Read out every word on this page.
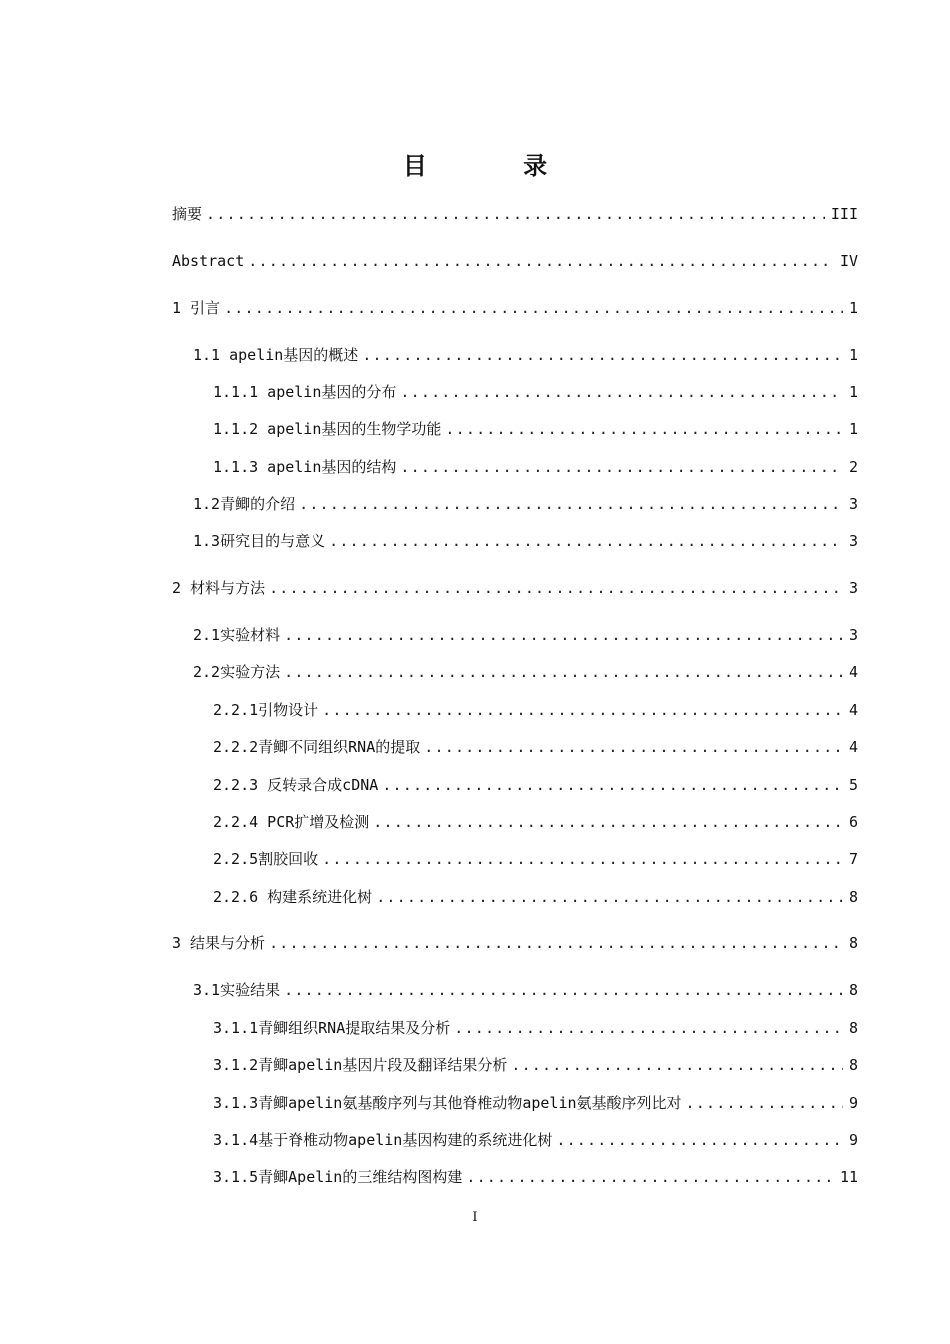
目 录
摘要 .....	III
Abstract .....	IV
1 引言 .....	1
1.1 apelin基因的概述 .....	1
1.1.1 apelin基因的分布 .....	1
1.1.2 apelin基因的生物学功能 .....	1
1.1.3 apelin基因的结构 .....	2
1.2青鲫的介绍 .....	3
1.3研究目的与意义 .....	3
2 材料与方法 .....	3
2.1实验材料 .....	3
2.2实验方法 .....	4
2.2.1引物设计 .....	4
2.2.2青鲫不同组织RNA的提取 .....	4
2.2.3 反转录合成cDNA .....	5
2.2.4 PCR扩增及检测 .....	6
2.2.5割胶回收 .....	7
2.2.6 构建系统进化树 .....	8
3 结果与分析 .....	8
3.1实验结果 .....	8
3.1.1青鲫组织RNA提取结果及分析 .....	8
3.1.2青鲫apelin基因片段及翻译结果分析 .....	8
3.1.3青鲫apelin氨基酸序列与其他脊椎动物apelin氨基酸序列比对 .....	9
3.1.4基于脊椎动物apelin基因构建的系统进化树 .....	9
3.1.5青鲫Apelin的三维结构图构建 .....	11
I
